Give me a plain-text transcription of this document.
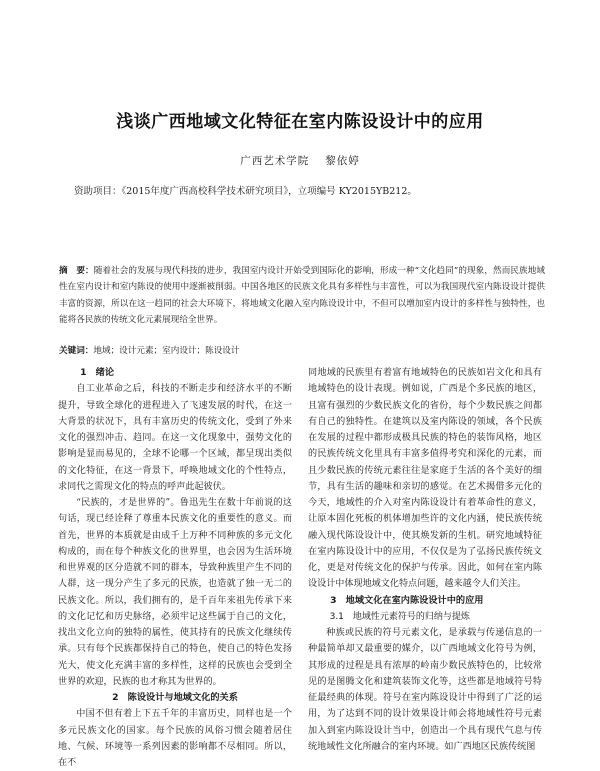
浅谈广西地域文化特征在室内陈设设计中的应用
广西艺术学院 黎依婷
资助项目：《2015年度广西高校科学技术研究项目》，立项编号 KY2015YB212。
摘　要：随着社会的发展与现代科技的进步，我国室内设计开始受到国际化的影响，形成一种“文化趋同”的现象，然而民族地域性在室内设计和室内陈设的使用中逐渐被削弱。中国各地区的民族文化具有多样性与丰富性，可以为我国现代室内陈设设计提供丰富的资源，所以在这一趋同的社会大环境下，将地域文化融入室内陈设设计中，不但可以增加室内设计的多样性与独特性，也能将各民族的传统文化元素展现给全世界。
关键词：地域；设计元素；室内设计；陈设设计
1　绪论

自工业革命之后，科技的不断走步和经济水平的不断提升，导致全球化的进程进入了飞速发展的时代，在这一大背景的状况下，具有丰富历史的传统文化，受到了外来文化的强烈冲击、趋同。在这一文化现象中，强势文化的影响是显而易见的，全球不论哪一个区域，都呈现出类似的文化特征，在这一背景下，呼唤地域文化的个性特点，求同代之需现文化的特点的呼声此起彼伏。

“民族的，才是世界的”。鲁迅先生在数十年前说的这句话，现已经诠释了尊重本民族文化的重要性的意义。而首先，世界的本质就是由成千上万种不同种族的多元文化构成的，而在每个种族文化的世界里，也会因为生活环境和世界观的区分造就不同的群本，导致种族里产生不同的人群，这一现分产生了多元的民族，也造就了独一无二的民族文化。所以，我们拥有的，是千百年来祖先传承下来的文化记忆和历史脉络，必须牢记这些属于自己的文化，找出文化立向的独特的属性，使其持有的民族文化继续传承。只有每个民族都保持自己的特色，使自己的特色发扬光大，使文化充满丰富的多样性，这样的民族也会受到全世界的欢迎，民族的也才称其为世界的。

2　陈设设计与地域文化的关系

中国不但有着上下五千年的丰富历史，同样也是一个多元民族文化的国家。每个民族的风俗习惯会随着居住地、气候、环境等一系列因素的影响都不尽相同。所以，在不

同地域的民族里有着富有地域特色的民族如岩文化和具有地域特色的设计表现。例如说，广西是个多民族的地区，且富有强烈的少数民族文化的省份，每个少数民族之间都有自己的独特性。在建筑以及室内陈设的领域，各个民族在发展的过程中都形成极具民族的特色的装饰风格，地区的民族传统文化里具有丰富多值得考究和深化的元素，而且少数民族的传统元素往往是家庭于生活的各个美好的细节，具有生活的趣味和亲切的感觉。在艺术揭借多元化的今天，地域性的介入对室内陈设设计有着革命性的意义，让原本固化死板的机体增加些许的文化内涵，使民族传统融入现代陈设设计中，使其焕发新的生机。研究地域特征在室内陈设设计中的应用，不仅仅是为了弘扬民族传统文化，更是对传统文化的保护与传承。因此，如何在室内陈设设计中体现地域文化特点问题，越来越令人们关注。

3　地域文化在室内陈设设计中的应用
3.1　地域性元素符号的归纳与提炼

种族或民族的符号元素文化，是承载与传递信息的一种最简单却又最重要的媒介，以广西地域文化符号为例，其形成的过程是具有浓厚的岭南少数民族特色的，比较常见的是图腾文化和建筑装饰文化等，这些都是地域符号特征最经典的体现。符号在室内陈设设计中得到了广泛的运用，为了达到不同的设计效果设计师会将地域性符号元素加入到室内陈设设计当中，创造出一个具有现代气息与传统地域性文化所融合的室内环境。如广西地区民族传统图
